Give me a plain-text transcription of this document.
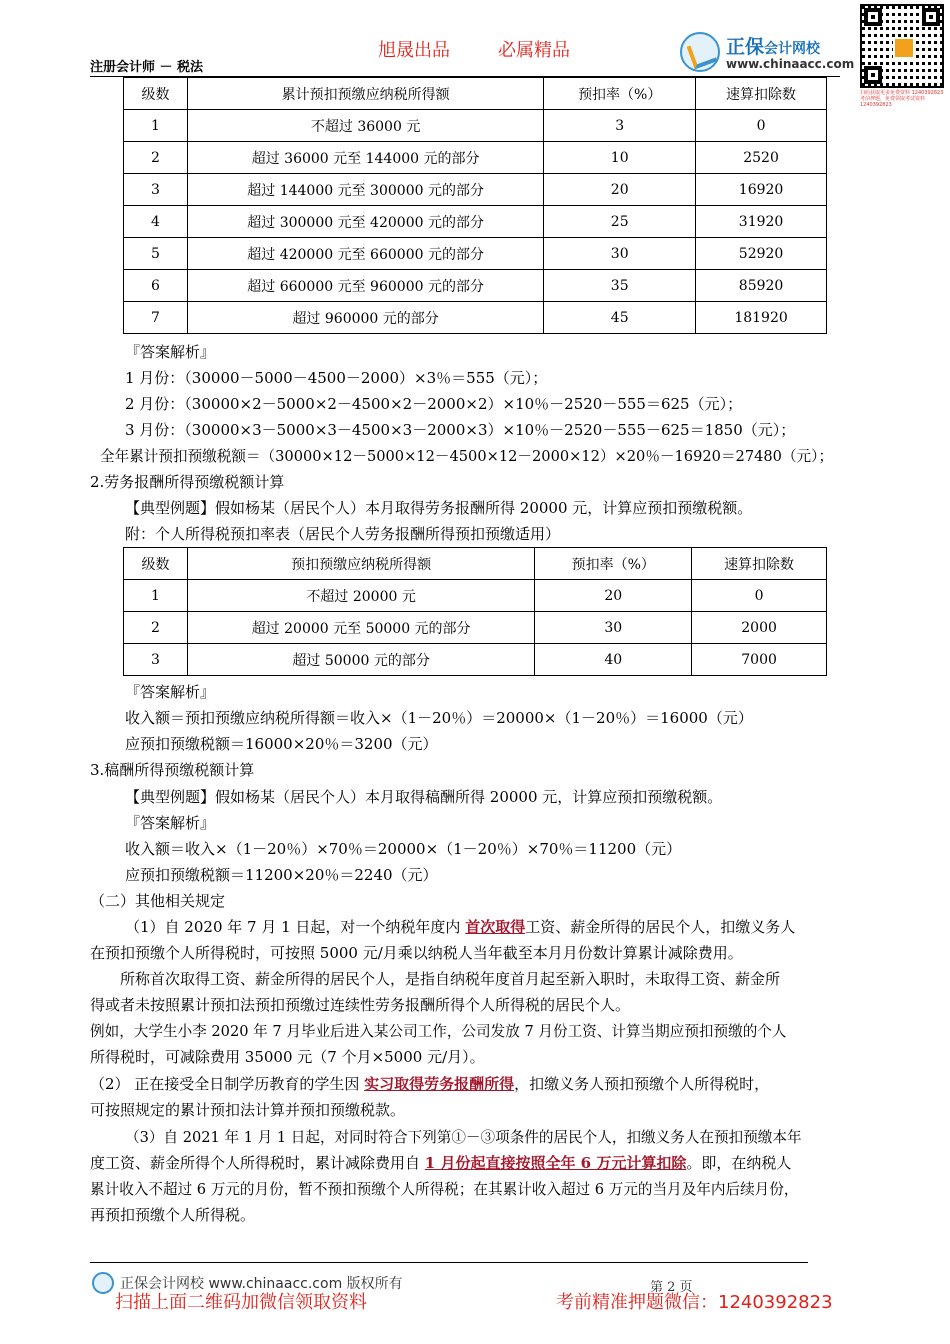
旭晟出品	必属精品
注册会计师 － 税法
正保会计网校
www.chinaacc.com
扫码获取更多免费资料 1240392823 考前押题，免费领取考试资料 1240392823
级数	累计预扣预缴应纳税所得额	预扣率（%）	速算扣除数
1	不超过 36000 元	3	0
2	超过 36000 元至 144000 元的部分	10	2520
3	超过 144000 元至 300000 元的部分	20	16920
4	超过 300000 元至 420000 元的部分	25	31920
5	超过 420000 元至 660000 元的部分	30	52920
6	超过 660000 元至 960000 元的部分	35	85920
7	超过 960000 元的部分	45	181920
『答案解析』
1 月份：（30000－5000－4500－2000）×3％＝555（元）；
2 月份：（30000×2－5000×2－4500×2－2000×2）×10％－2520－555＝625（元）；
3 月份：（30000×3－5000×3－4500×3－2000×3）×10％－2520－555－625＝1850（元）；
全年累计预扣预缴税额＝（30000×12－5000×12－4500×12－2000×12）×20％－16920＝27480（元）；
2.劳务报酬所得预缴税额计算
【典型例题】假如杨某（居民个人）本月取得劳务报酬所得 20000 元，计算应预扣预缴税额。
附：个人所得税预扣率表（居民个人劳务报酬所得预扣预缴适用）
级数	预扣预缴应纳税所得额	预扣率（%）	速算扣除数
1	不超过 20000 元	20	0
2	超过 20000 元至 50000 元的部分	30	2000
3	超过 50000 元的部分	40	7000
『答案解析』
收入额＝预扣预缴应纳税所得额＝收入×（1－20％）＝20000×（1－20％）＝16000（元）
应预扣预缴税额＝16000×20％＝3200（元）
3.稿酬所得预缴税额计算
【典型例题】假如杨某（居民个人）本月取得稿酬所得 20000 元，计算应预扣预缴税额。
『答案解析』
收入额＝收入×（1－20％）×70％＝20000×（1－20％）×70％＝11200（元）
应预扣预缴税额＝11200×20％＝2240（元）
（二）其他相关规定
（1）自 2020 年 7 月 1 日起，对一个纳税年度内 首次取得工资、薪金所得的居民个人，扣缴义务人
在预扣预缴个人所得税时，可按照 5000 元/月乘以纳税人当年截至本月月份数计算累计减除费用。
所称首次取得工资、薪金所得的居民个人，是指自纳税年度首月起至新入职时，未取得工资、薪金所
得或者未按照累计预扣法预扣预缴过连续性劳务报酬所得个人所得税的居民个人。
例如，大学生小李 2020 年 7 月毕业后进入某公司工作，公司发放 7 月份工资、计算当期应预扣预缴的个人
所得税时，可减除费用 35000 元（7 个月×5000 元/月）。
（2） 正在接受全日制学历教育的学生因 实习取得劳务报酬所得，扣缴义务人预扣预缴个人所得税时，
可按照规定的累计预扣法计算并预扣预缴税款。
（3）自 2021 年 1 月 1 日起，对同时符合下列第①－③项条件的居民个人，扣缴义务人在预扣预缴本年
度工资、薪金所得个人所得税时，累计减除费用自 1 月份起直接按照全年 6 万元计算扣除。即，在纳税人
累计收入不超过 6 万元的月份，暂不预扣预缴个人所得税；在其累计收入超过 6 万元的当月及年内后续月份，
再预扣预缴个人所得税。
正保会计网校 www.chinaacc.com 版权所有	第 2 页
扫描上面二维码加微信领取资料	考前精准押题微信：1240392823
